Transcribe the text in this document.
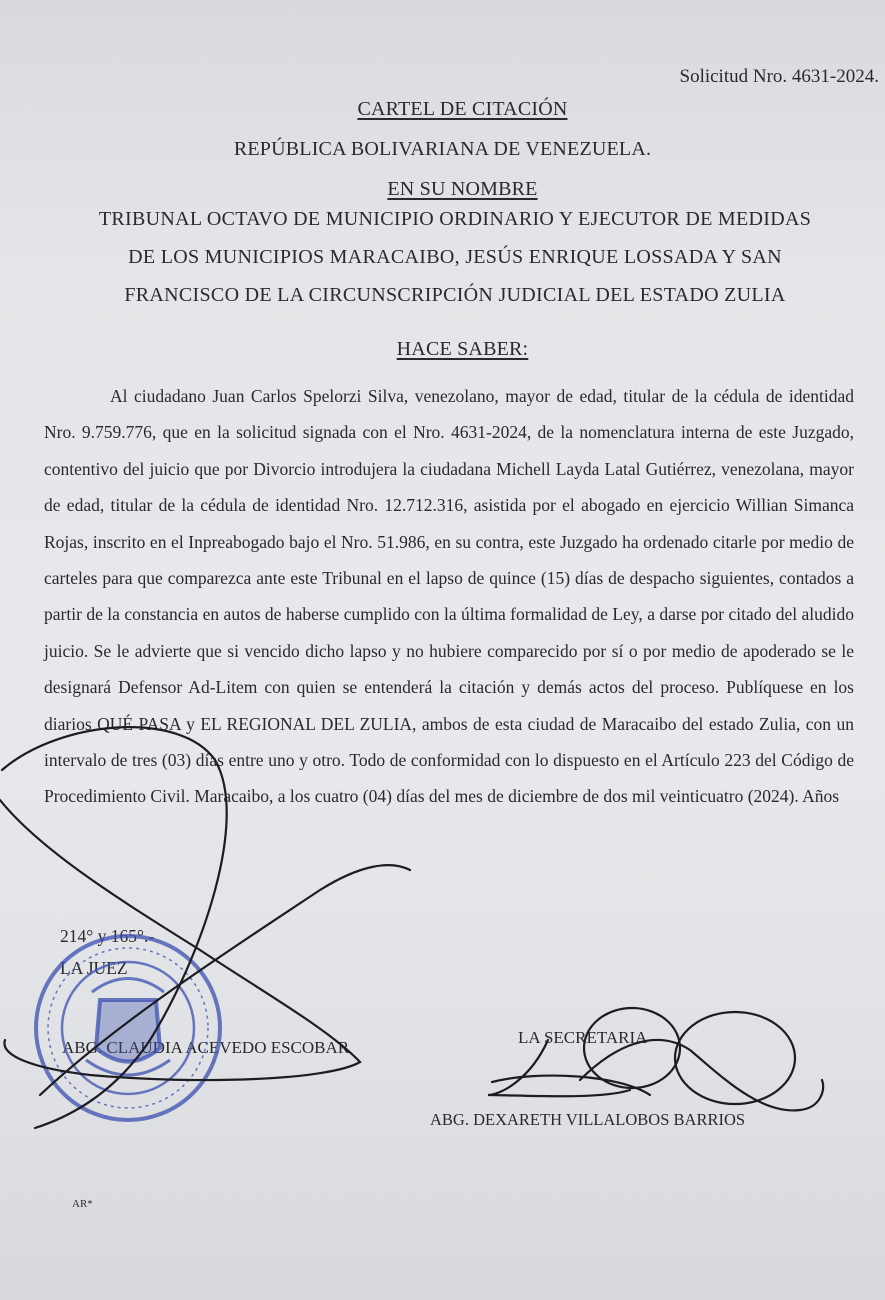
Solicitud Nro. 4631-2024.
CARTEL DE CITACIÓN
REPÚBLICA BOLIVARIANA DE VENEZUELA.
EN SU NOMBRE
TRIBUNAL OCTAVO DE MUNICIPIO ORDINARIO Y EJECUTOR DE MEDIDAS
DE LOS MUNICIPIOS MARACAIBO, JESÚS ENRIQUE LOSSADA Y SAN
FRANCISCO DE LA CIRCUNSCRIPCIÓN JUDICIAL DEL ESTADO ZULIA
HACE SABER:

Al ciudadano Juan Carlos Spelorzi Silva, venezolano, mayor de edad, titular de la cédula de identidad Nro. 9.759.776, que en la solicitud signada con el Nro. 4631-2024, de la nomenclatura interna de este Juzgado, contentivo del juicio que por Divorcio introdujera la ciudadana Michell Layda Latal Gutiérrez, venezolana, mayor de edad, titular de la cédula de identidad Nro. 12.712.316, asistida por el abogado en ejercicio Willian Simanca Rojas, inscrito en el Inpreabogado bajo el Nro. 51.986, en su contra, este Juzgado ha ordenado citarle por medio de carteles para que comparezca ante este Tribunal en el lapso de quince (15) días de despacho siguientes, contados a partir de la constancia en autos de haberse cumplido con la última formalidad de Ley, a darse por citado del aludido juicio. Se le advierte que si vencido dicho lapso y no hubiere comparecido por sí o por medio de apoderado se le designará Defensor Ad-Litem con quien se entenderá la citación y demás actos del proceso. Publíquese en los diarios QUÉ PASA y EL REGIONAL DEL ZULIA, ambos de esta ciudad de Maracaibo del estado Zulia, con un intervalo de tres (03) días entre uno y otro. Todo de conformidad con lo dispuesto en el Artículo 223 del Código de Procedimiento Civil. Maracaibo, a los cuatro (04) días del mes de diciembre de dos mil veinticuatro (2024). Años

214° y 165°.-
LA JUEZ
ABG. CLAUDIA ACEVEDO ESCOBAR
LA SECRETARIA
ABG. DEXARETH VILLALOBOS BARRIOS
AR*
